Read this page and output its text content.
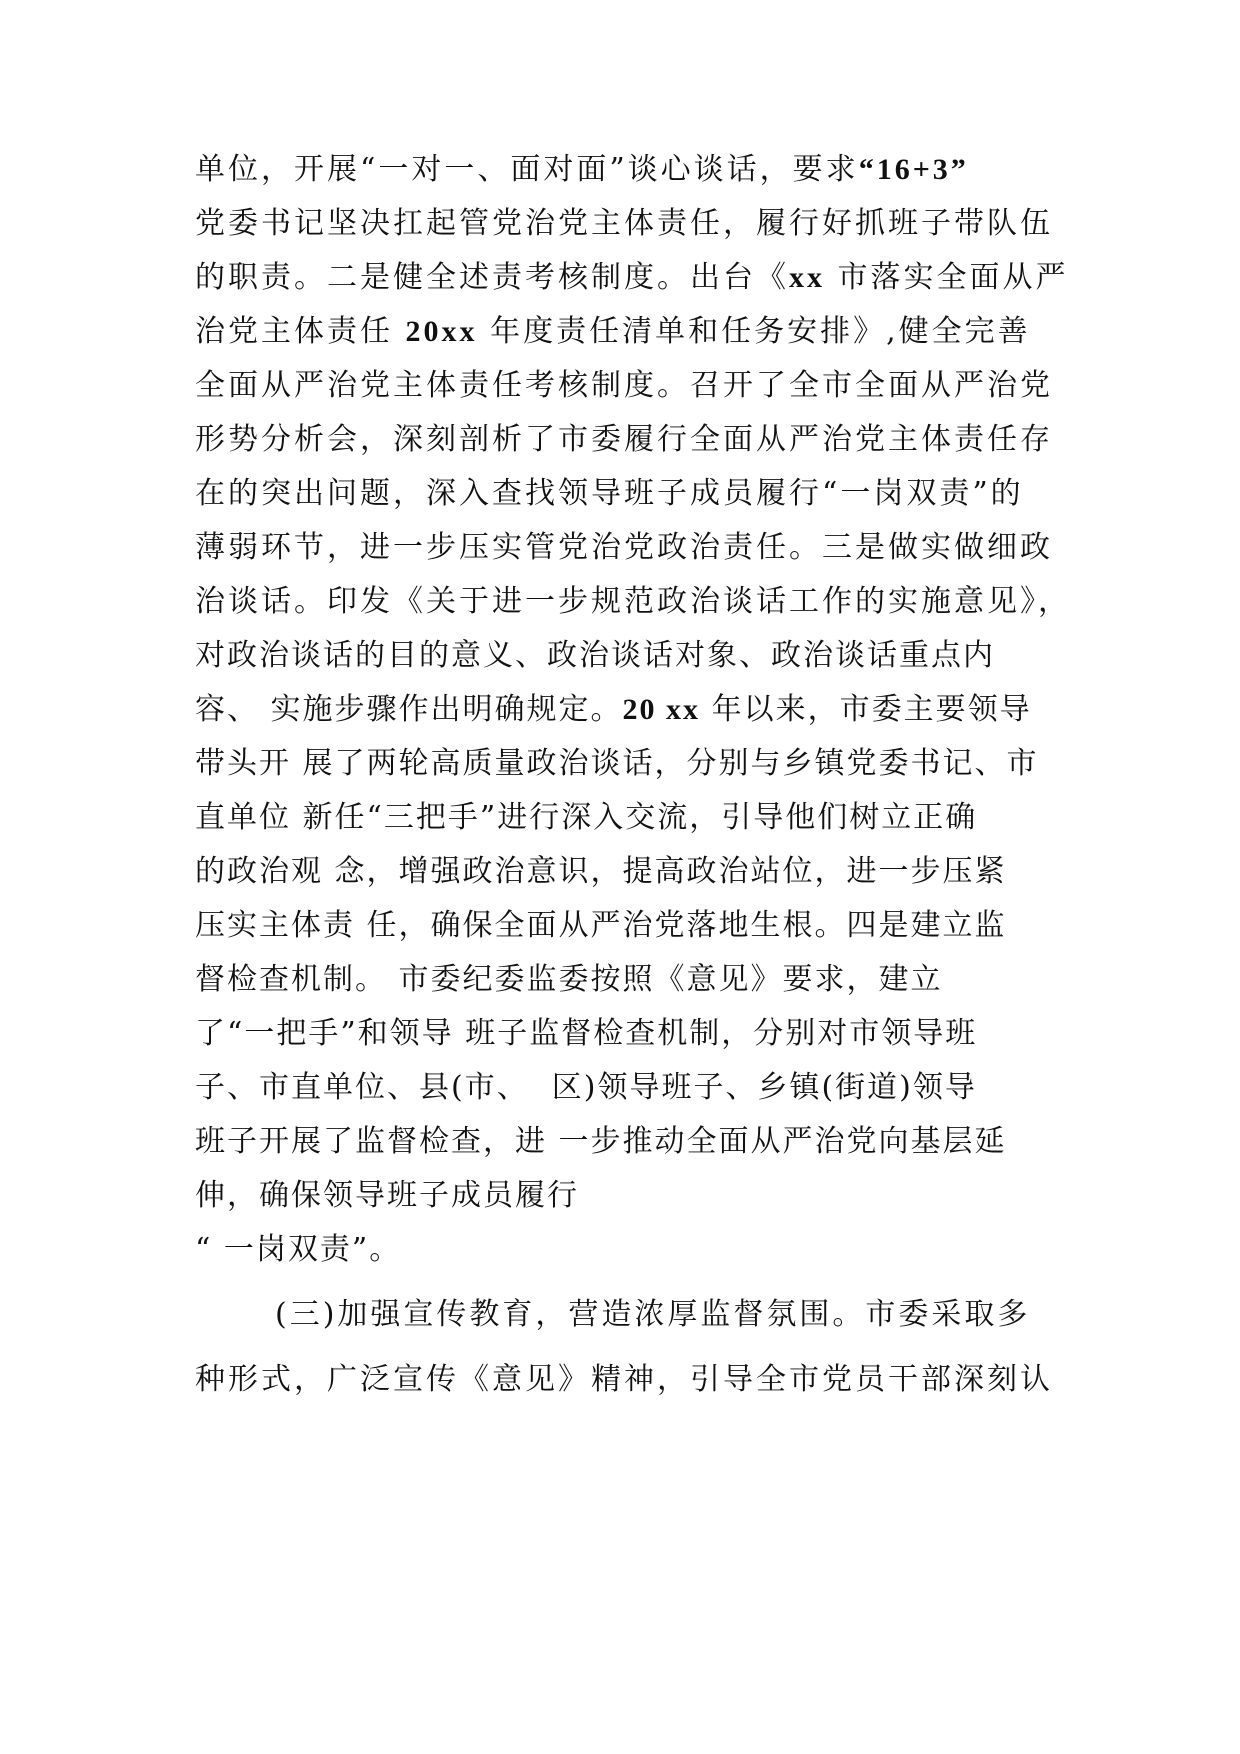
单位，开展“一对一、面对面”谈心谈话，要求“16+3”
党委书记坚决扛起管党治党主体责任，履行好抓班子带队伍
的职责。二是健全述责考核制度。出台《xx 市落实全面从严
治党主体责任 20xx 年度责任清单和任务安排》,健全完善
全面从严治党主体责任考核制度。召开了全市全面从严治党
形势分析会，深刻剖析了市委履行全面从严治党主体责任存
在的突出问题，深入查找领导班子成员履行“一岗双责”的
薄弱环节，进一步压实管党治党政治责任。三是做实做细政
治谈话。印发《关于进一步规范政治谈话工作的实施意见》，
对政治谈话的目的意义、政治谈话对象、政治谈话重点内
容、 实施步骤作出明确规定。20 xx 年以来，市委主要领导
带头开 展了两轮高质量政治谈话，分别与乡镇党委书记、市
直单位 新任“三把手”进行深入交流，引导他们树立正确
的政治观 念，增强政治意识，提高政治站位，进一步压紧
压实主体责 任，确保全面从严治党落地生根。四是建立监
督检查机制。 市委纪委监委按照《意见》要求，建立
了“一把手”和领导 班子监督检查机制，分别对市领导班
子、市直单位、县(市、  区)领导班子、乡镇(街道)领导
班子开展了监督检查，进 一步推动全面从严治党向基层延
伸，确保领导班子成员履行
“ 一岗双责”。
(三)加强宣传教育，营造浓厚监督氛围。市委采取多
种形式，广泛宣传《意见》精神，引导全市党员干部深刻认
